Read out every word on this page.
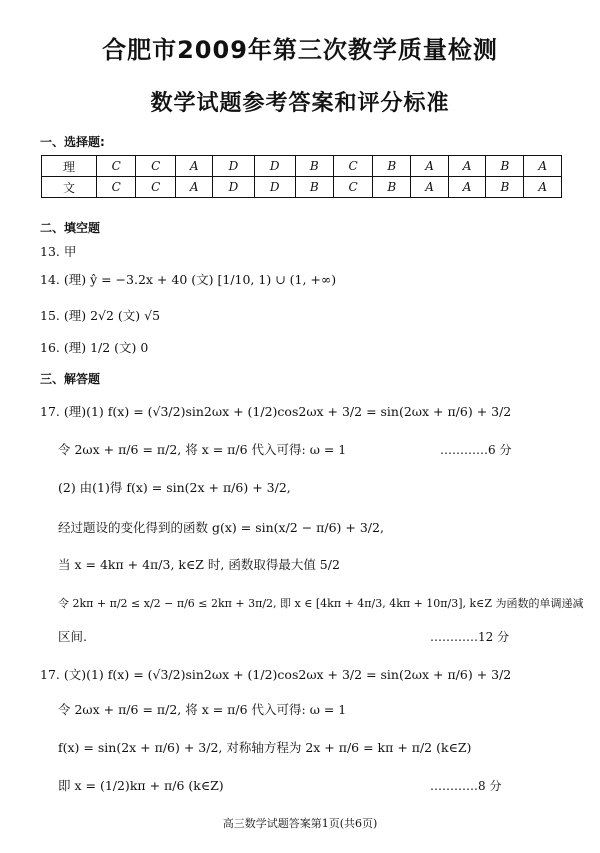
合肥市2009年第三次教学质量检测
数学试题参考答案和评分标准
一、选择题:
理	C	C	A	D	D	B	C	B	A	A	B	A
文	C	C	A	D	D	B	C	B	A	A	B	A
二、填空题
13. 甲
14. (理) ŷ = −3.2x + 40 (文) [1/10, 1) ∪ (1, +∞)
15. (理) 2√2 (文) √5
16. (理) 1/2 (文) 0
三、解答题
17. (理)(1) f(x) = (√3/2)sin2ωx + (1/2)cos2ωx + 3/2 = sin(2ωx + π/6) + 3/2
令 2ωx + π/6 = π/2, 将 x = π/6 代入可得: ω = 1	…………6 分
(2) 由(1)得 f(x) = sin(2x + π/6) + 3/2,
经过题设的变化得到的函数 g(x) = sin(x/2 − π/6) + 3/2,
当 x = 4kπ + 4π/3, k∈Z 时, 函数取得最大值 5/2
令 2kπ + π/2 ≤ x/2 − π/6 ≤ 2kπ + 3π/2, 即 x ∈ [4kπ + 4π/3, 4kπ + 10π/3], k∈Z 为函数的单调递减
区间.	…………12 分
17. (文)(1) f(x) = (√3/2)sin2ωx + (1/2)cos2ωx + 3/2 = sin(2ωx + π/6) + 3/2
令 2ωx + π/6 = π/2, 将 x = π/6 代入可得: ω = 1
f(x) = sin(2x + π/6) + 3/2, 对称轴方程为 2x + π/6 = kπ + π/2 (k∈Z)
即 x = (1/2)kπ + π/6 (k∈Z)	…………8 分
高三数学试题答案第1页(共6页)
